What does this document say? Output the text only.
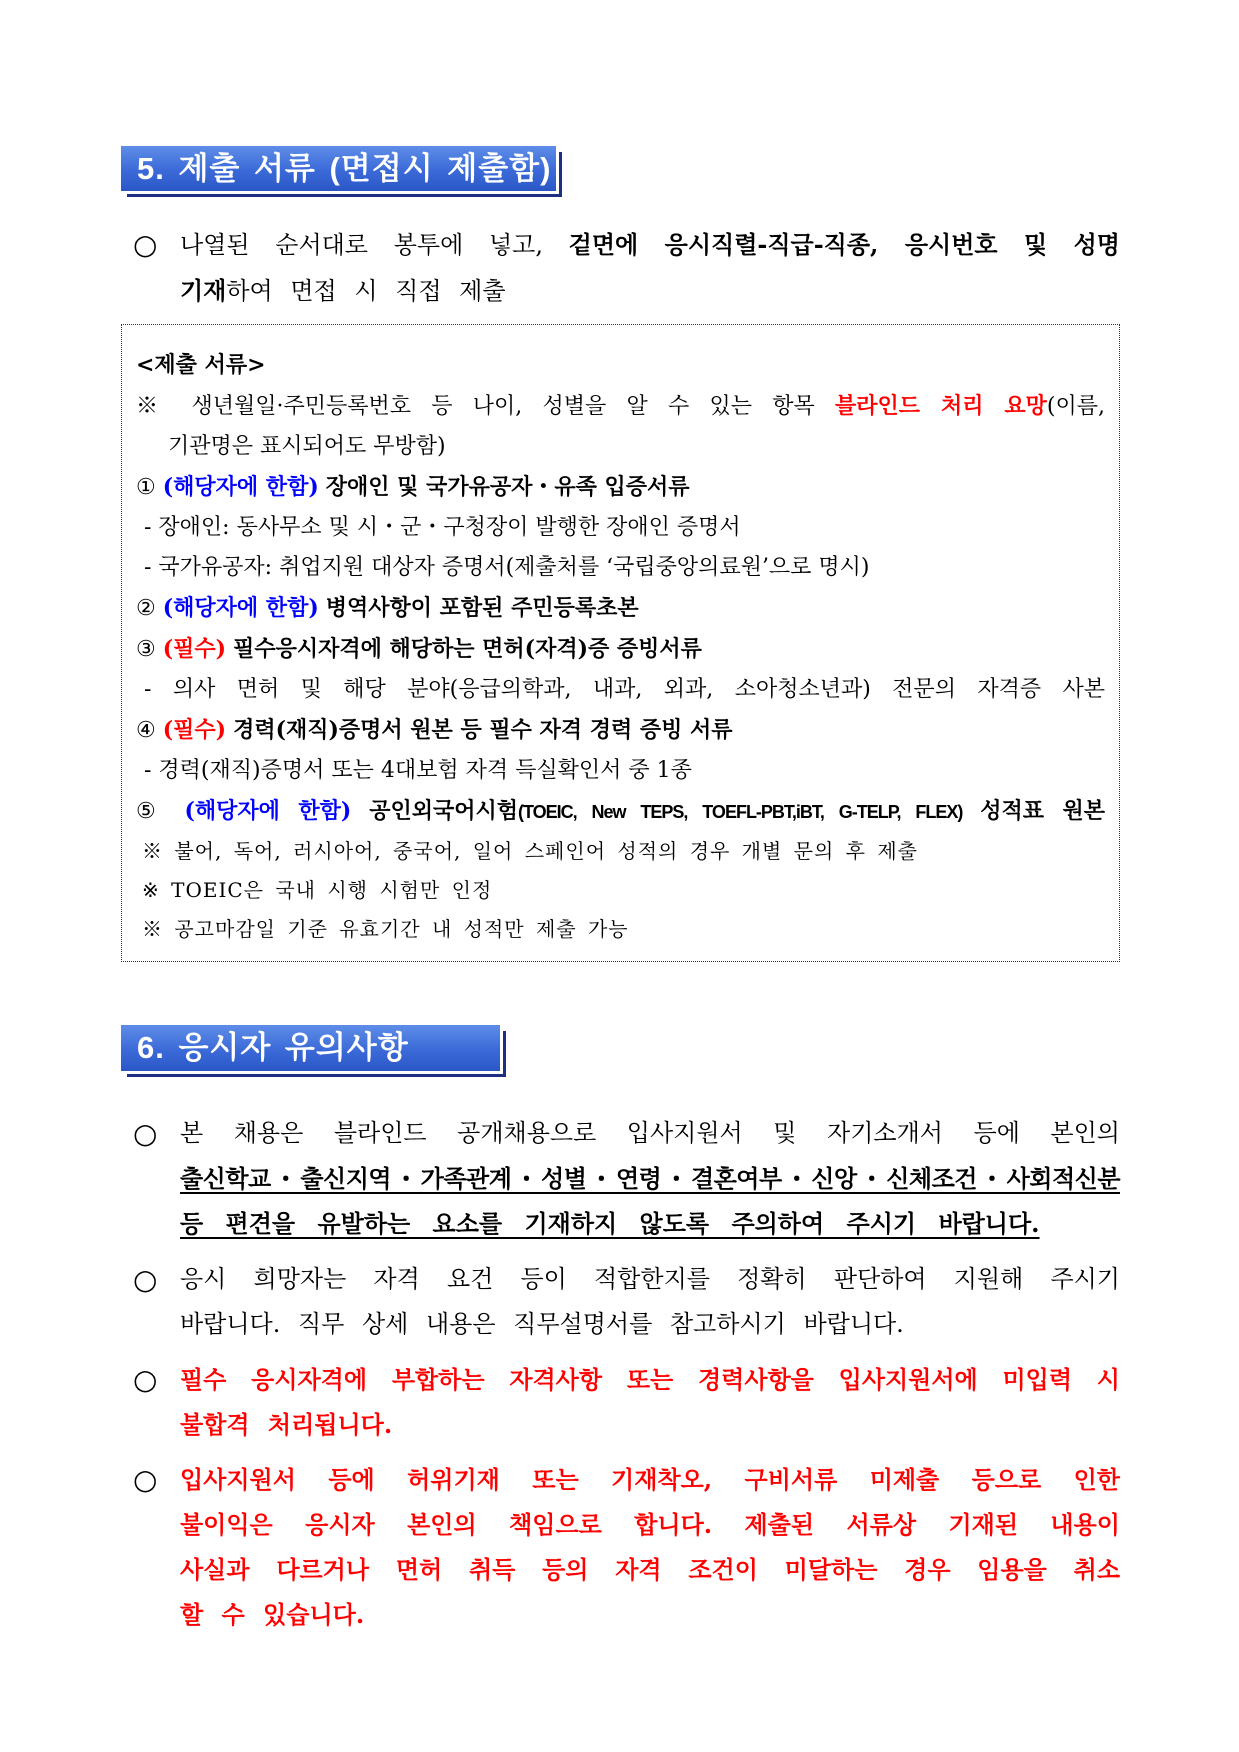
5. 제출 서류 (면접시 제출함)
○ 나열된 순서대로 봉투에 넣고, 겉면에 응시직렬-직급-직종, 응시번호 및 성명
기재하여 면접 시 직접 제출
<제출 서류>
※ 생년월일·주민등록번호 등 나이, 성별을 알 수 있는 항목 블라인드 처리 요망(이름,
기관명은 표시되어도 무방함)
① (해당자에 한함) 장애인 및 국가유공자・유족 입증서류
- 장애인: 동사무소 및 시・군・구청장이 발행한 장애인 증명서
- 국가유공자: 취업지원 대상자 증명서(제출처를 ‘국립중앙의료원’으로 명시)
② (해당자에 한함) 병역사항이 포함된 주민등록초본
③ (필수) 필수응시자격에 해당하는 면허(자격)증 증빙서류
- 의사 면허 및 해당 분야(응급의학과, 내과, 외과, 소아청소년과) 전문의 자격증 사본
④ (필수) 경력(재직)증명서 원본 등 필수 자격 경력 증빙 서류
- 경력(재직)증명서 또는 4대보험 자격 득실확인서 중 1종
⑤ (해당자에 한함) 공인외국어시험(TOEIC, New TEPS, TOEFL-PBT,iBT, G-TELP, FLEX) 성적표 원본
※ 불어, 독어, 러시아어, 중국어, 일어 스페인어 성적의 경우 개별 문의 후 제출
※ TOEIC은 국내 시행 시험만 인정
※ 공고마감일 기준 유효기간 내 성적만 제출 가능
6. 응시자 유의사항
○ 본 채용은 블라인드 공개채용으로 입사지원서 및 자기소개서 등에 본인의
출신학교・출신지역・가족관계・성별・연령・결혼여부・신앙・신체조건・사회적신분
등 편견을 유발하는 요소를 기재하지 않도록 주의하여 주시기 바랍니다.
○ 응시 희망자는 자격 요건 등이 적합한지를 정확히 판단하여 지원해 주시기
바랍니다. 직무 상세 내용은 직무설명서를 참고하시기 바랍니다.
○ 필수 응시자격에 부합하는 자격사항 또는 경력사항을 입사지원서에 미입력 시
불합격 처리됩니다.
○ 입사지원서 등에 허위기재 또는 기재착오, 구비서류 미제출 등으로 인한
불이익은 응시자 본인의 책임으로 합니다. 제출된 서류상 기재된 내용이
사실과 다르거나 면허 취득 등의 자격 조건이 미달하는 경우 임용을 취소
할 수 있습니다.
